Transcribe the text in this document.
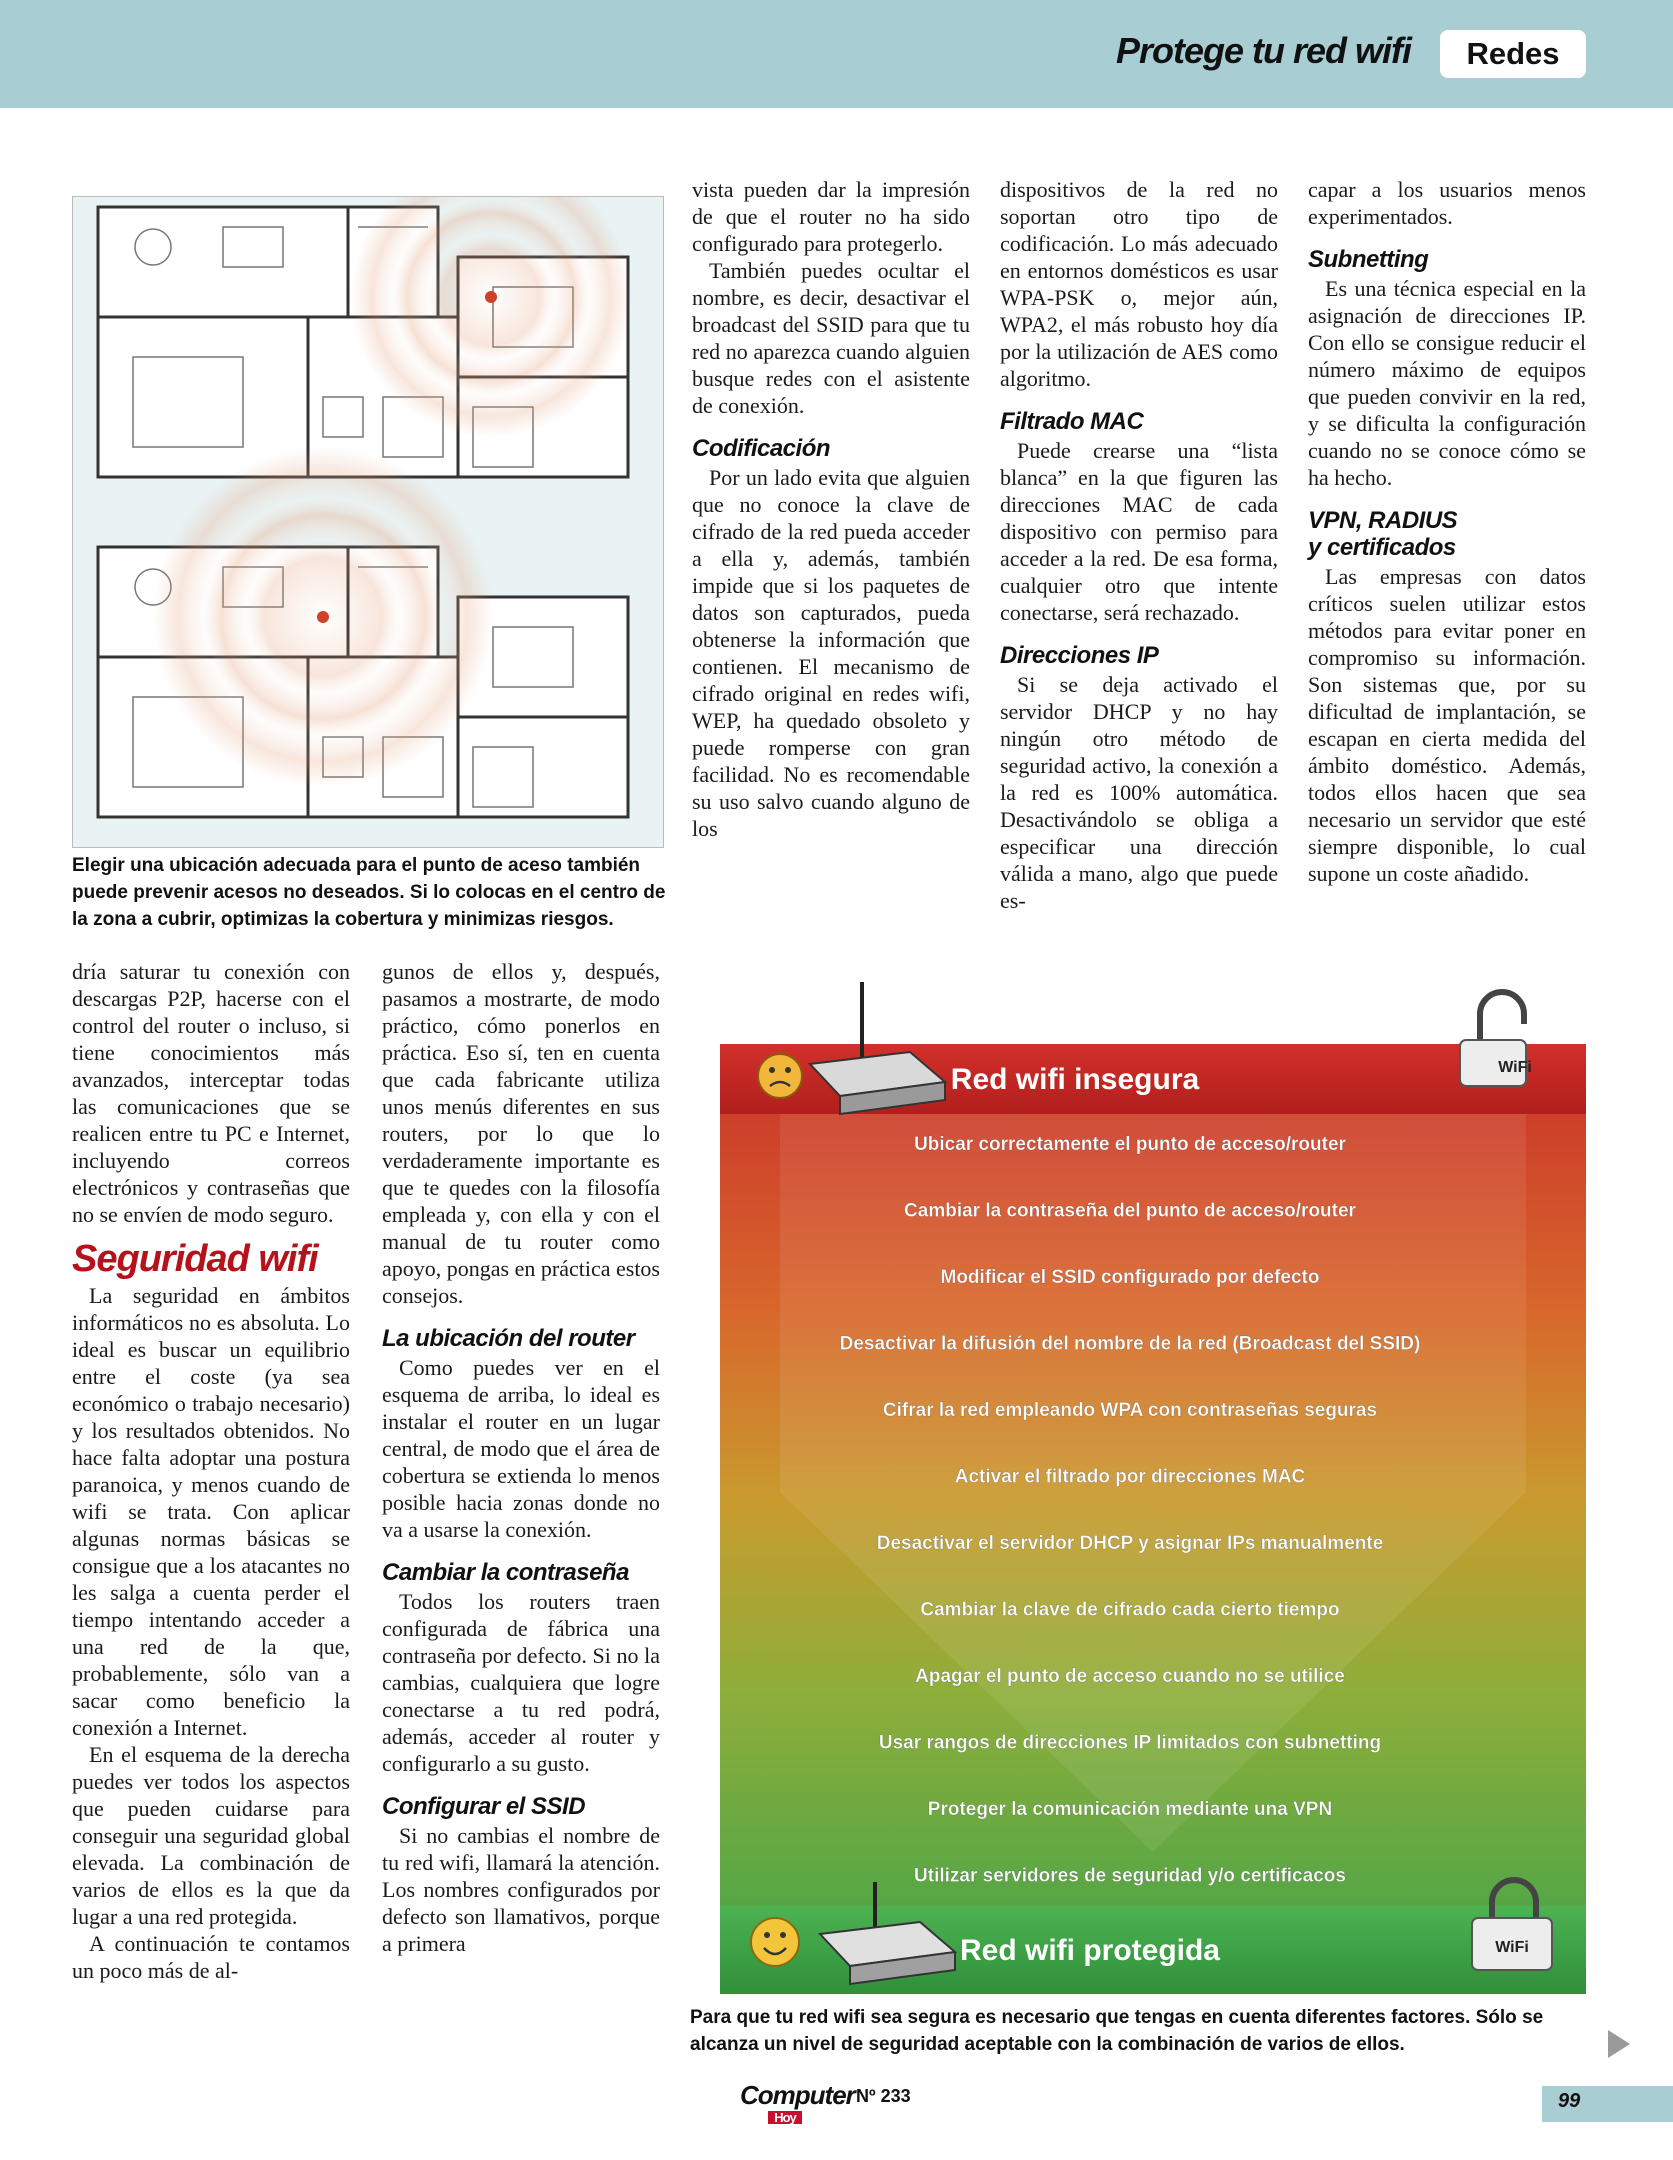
Protege tu red wifi	Redes
Elegir una ubicación adecuada para el punto de aceso también puede prevenir acesos no deseados. Si lo colocas en el centro de la zona a cubrir, optimizas la cobertura y minimizas riesgos.

vista pueden dar la impresión de que el router no ha sido configurado para protegerlo.

También puedes ocultar el nombre, es decir, desactivar el broadcast del SSID para que tu red no aparezca cuando alguien busque redes con el asistente de conexión.

Codificación

Por un lado evita que alguien que no conoce la clave de cifrado de la red pueda acceder a ella y, además, también impide que si los paquetes de datos son capturados, pueda obtenerse la información que contienen. El mecanismo de cifrado original en redes wifi, WEP, ha quedado obsoleto y puede romperse con gran facilidad. No es recomendable su uso salvo cuando alguno de los

dispositivos de la red no soportan otro tipo de codificación. Lo más adecuado en entornos domésticos es usar WPA-PSK o, mejor aún, WPA2, el más robusto hoy día por la utilización de AES como algoritmo.

Filtrado MAC

Puede crearse una “lista blanca” en la que figuren las direcciones MAC de cada dispositivo con permiso para acceder a la red. De esa forma, cualquier otro que intente conectarse, será rechazado.

Direcciones IP

Si se deja activado el servidor DHCP y no hay ningún otro método de seguridad activo, la conexión a la red es 100% automática. Desactivándolo se obliga a especificar una dirección válida a mano, algo que puede es-

capar a los usuarios menos experimentados.

Subnetting

Es una técnica especial en la asignación de direcciones IP. Con ello se consigue reducir el número máximo de equipos que pueden convivir en la red, y se dificulta la configuración cuando no se conoce cómo se ha hecho.

VPN, RADIUS
y certificados

Las empresas con datos críticos suelen utilizar estos métodos para evitar poner en compromiso su información. Son sistemas que, por su dificultad de implantación, se escapan en cierta medida del ámbito doméstico. Además, todos ellos hacen que sea necesario un servidor que esté siempre disponible, lo cual supone un coste añadido.

dría saturar tu conexión con descargas P2P, hacerse con el control del router o incluso, si tiene conocimientos más avanzados, interceptar todas las comunicaciones que se realicen entre tu PC e Internet, incluyendo correos electrónicos y contraseñas que no se envíen de modo seguro.

Seguridad wifi

La seguridad en ámbitos informáticos no es absoluta. Lo ideal es buscar un equilibrio entre el coste (ya sea económico o trabajo necesario) y los resultados obtenidos. No hace falta adoptar una postura paranoica, y menos cuando de wifi se trata. Con aplicar algunas normas básicas se consigue que a los atacantes no les salga a cuenta perder el tiempo intentando acceder a una red de la que, probablemente, sólo van a sacar como beneficio la conexión a Internet.

En el esquema de la derecha puedes ver todos los aspectos que pueden cuidarse para conseguir una seguridad global elevada. La combinación de varios de ellos es la que da lugar a una red protegida.

A continuación te contamos un poco más de al-

gunos de ellos y, después, pasamos a mostrarte, de modo práctico, cómo ponerlos en práctica. Eso sí, ten en cuenta que cada fabricante utiliza unos menús diferentes en sus routers, por lo que lo verdaderamente importante es que te quedes con la filosofía empleada y, con ella y con el manual de tu router como apoyo, pongas en práctica estos consejos.

La ubicación del router

Como puedes ver en el esquema de arriba, lo ideal es instalar el router en un lugar central, de modo que el área de cobertura se extienda lo menos posible hacia zonas donde no va a usarse la conexión.

Cambiar la contraseña

Todos los routers traen configurada de fábrica una contraseña por defecto. Si no la cambias, cualquiera que logre conectarse a tu red podrá, además, acceder al router y configurarlo a su gusto.

Configurar el SSID

Si no cambias el nombre de tu red wifi, llamará la atención. Los nombres configurados por defecto son llamativos, porque a primera

WiFi
Red wifi insegura
Ubicar correctamente el punto de acceso/router
Cambiar la contraseña del punto de acceso/router
Modificar el SSID configurado por defecto
Desactivar la difusión del nombre de la red (Broadcast del SSID)
Cifrar la red empleando WPA con contraseñas seguras
Activar el filtrado por direcciones MAC
Desactivar el servidor DHCP y asignar IPs manualmente
Cambiar la clave de cifrado cada cierto tiempo
Apagar el punto de acceso cuando no se utilice
Usar rangos de direcciones IP limitados con subnetting
Proteger la comunicación mediante una VPN
Utilizar servidores de seguridad y/o certificacos
WiFi
Red wifi protegida
Para que tu red wifi sea segura es necesario que tengas en cuenta diferentes factores. Sólo se alcanza un nivel de seguridad aceptable con la combinación de varios de ellos.
Computer
Hoy
Nº 233	99
